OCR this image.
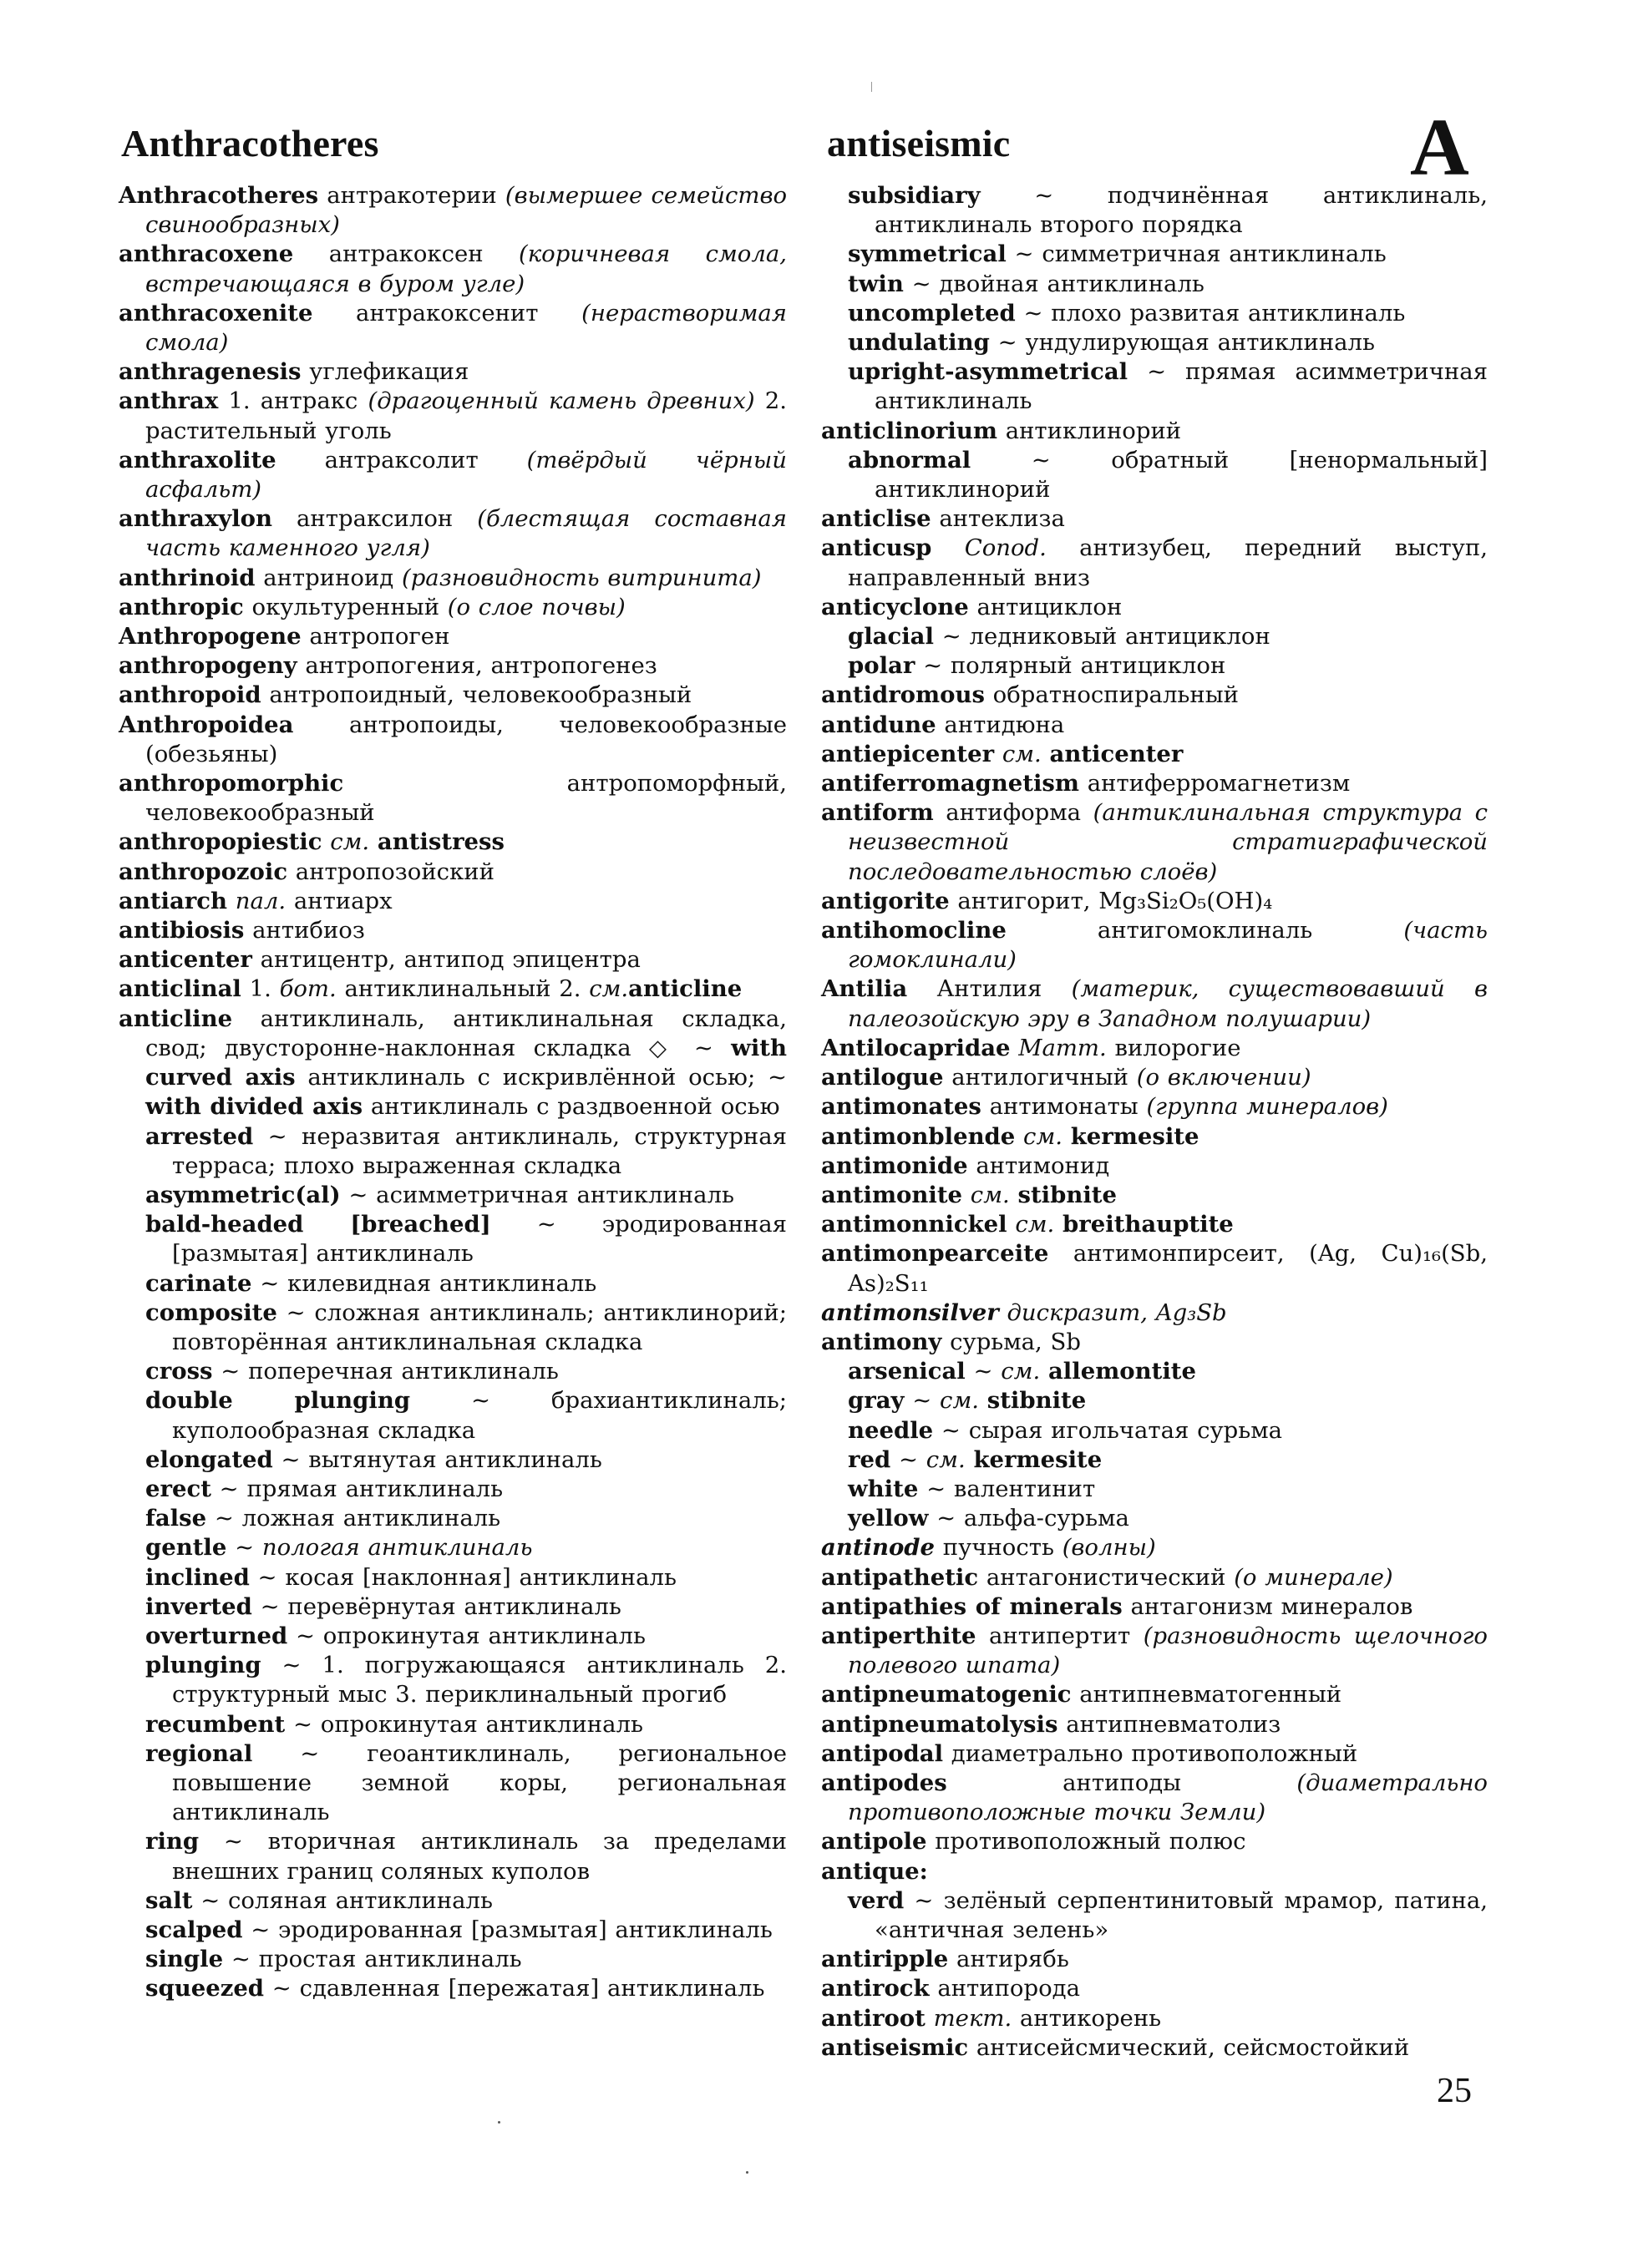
Anthracotheres	antiseismic	A
Anthracotheres антракотерии (вымершее семейство свинообразных)
anthracoxene антракоксен (коричневая смола, встречающаяся в буром угле)
anthracoxenite антракоксенит (нерастворимая смола)
anthragenesis углефикация
anthrax 1. антракс (драгоценный камень древних) 2. растительный уголь
anthraxolite антраксолит (твёрдый чёрный асфальт)
anthraxylon антраксилон (блестящая составная часть каменного угля)
anthrinoid антриноид (разновидность витринита)
anthropic окультуренный (о слое почвы)
Anthropogene антропоген
anthropogeny антропогения, антропогенез
anthropoid антропоидный, человекообразный
Anthropoidea антропоиды, человекообразные (обезьяны)
anthropomorphic антропоморфный, человекообразный
anthropopiestic см. antistress
anthropozoic антропозойский
antiarch пал. антиарх
antibiosis антибиоз
anticenter антицентр, антипод эпицентра
anticlinal 1. бот. антиклинальный 2. см.anticline
anticline антиклиналь, антиклинальная складка, свод; двусторонне-наклонная складка ◇ ~ with curved axis антиклиналь с искривлённой осью; ~ with divided axis антиклиналь с раздвоенной осью
arrested ~ неразвитая антиклиналь, структурная терраса; плохо выраженная складка
asymmetric(al) ~ асимметричная антиклиналь
bald-headed [breached] ~ эродированная [размытая] антиклиналь
carinate ~ килевидная антиклиналь
composite ~ сложная антиклиналь; антиклинорий; повторённая антиклинальная складка
cross ~ поперечная антиклиналь
double plunging ~ брахиантиклиналь; куполообразная складка
elongated ~ вытянутая антиклиналь
erect ~ прямая антиклиналь
false ~ ложная антиклиналь
gentle ~ пологая антиклиналь
inclined ~ косая [наклонная] антиклиналь
inverted ~ перевёрнутая антиклиналь
overturned ~ опрокинутая антиклиналь
plunging ~ 1. погружающаяся антиклиналь 2. структурный мыс 3. периклинальный прогиб
recumbent ~ опрокинутая антиклиналь
regional ~ геоантиклиналь, региональное повышение земной коры, региональная антиклиналь
ring ~ вторичная антиклиналь за пределами внешних границ соляных куполов
salt ~ соляная антиклиналь
scalped ~ эродированная [размытая] антиклиналь
single ~ простая антиклиналь
squeezed ~ сдавленная [пережатая] антиклиналь
subsidiary ~ подчинённая антиклиналь, антиклиналь второго порядка
symmetrical ~ симметричная антиклиналь
twin ~ двойная антиклиналь
uncompleted ~ плохо развитая антиклиналь
undulating ~ ундулирующая антиклиналь
upright-asymmetrical ~ прямая асимметричная антиклиналь
anticlinorium антиклинорий
abnormal ~ обратный [ненормальный] антиклинорий
anticlise антеклиза
anticusp Conod. антизубец, передний выступ, направленный вниз
anticyclone антициклон
glacial ~ ледниковый антициклон
polar ~ полярный антициклон
antidromous обратноспиральный
antidune антидюна
antiepicenter см. anticenter
antiferromagnetism антиферромагнетизм
antiform антиформа (антиклинальная структура с неизвестной стратиграфической последовательностью слоёв)
antigorite антигорит, Mg₃Si₂O₅(OH)₄
antihomocline антигомоклиналь (часть гомоклинали)
Antilia Антилия (материк, существовавший в палеозойскую эру в Западном полушарии)
Antilocapridae Mamm. вилорогие
antilogue антилогичный (о включении)
antimonates антимонаты (группа минералов)
antimonblende см. kermesite
antimonide антимонид
antimonite см. stibnite
antimonnickel см. breithauptite
antimonpearceite антимонпирсеит, (Ag, Cu)₁₆(Sb, As)₂S₁₁
antimonsilver дискразит, Ag₃Sb
antimony сурьма, Sb
arsenical ~ см. allemontite
gray ~ см. stibnite
needle ~ сырая игольчатая сурьма
red ~ см. kermesite
white ~ валентинит
yellow ~ альфа-сурьма
antinode пучность (волны)
antipathetic антагонистический (о минерале)
antipathies of minerals антагонизм минералов
antiperthite антипертит (разновидность щелочного полевого шпата)
antipneumatogenic антипневматогенный
antipneumatolysis антипневматолиз
antipodal диаметрально противоположный
antipodes антиподы (диаметрально противоположные точки Земли)
antipole противоположный полюс
antique:
verd ~ зелёный серпентинитовый мрамор, патина, «античная зелень»
antiripple антирябь
antirock антипорода
antiroot тект. антикорень
antiseismic антисейсмический, сейсмостойкий
25
